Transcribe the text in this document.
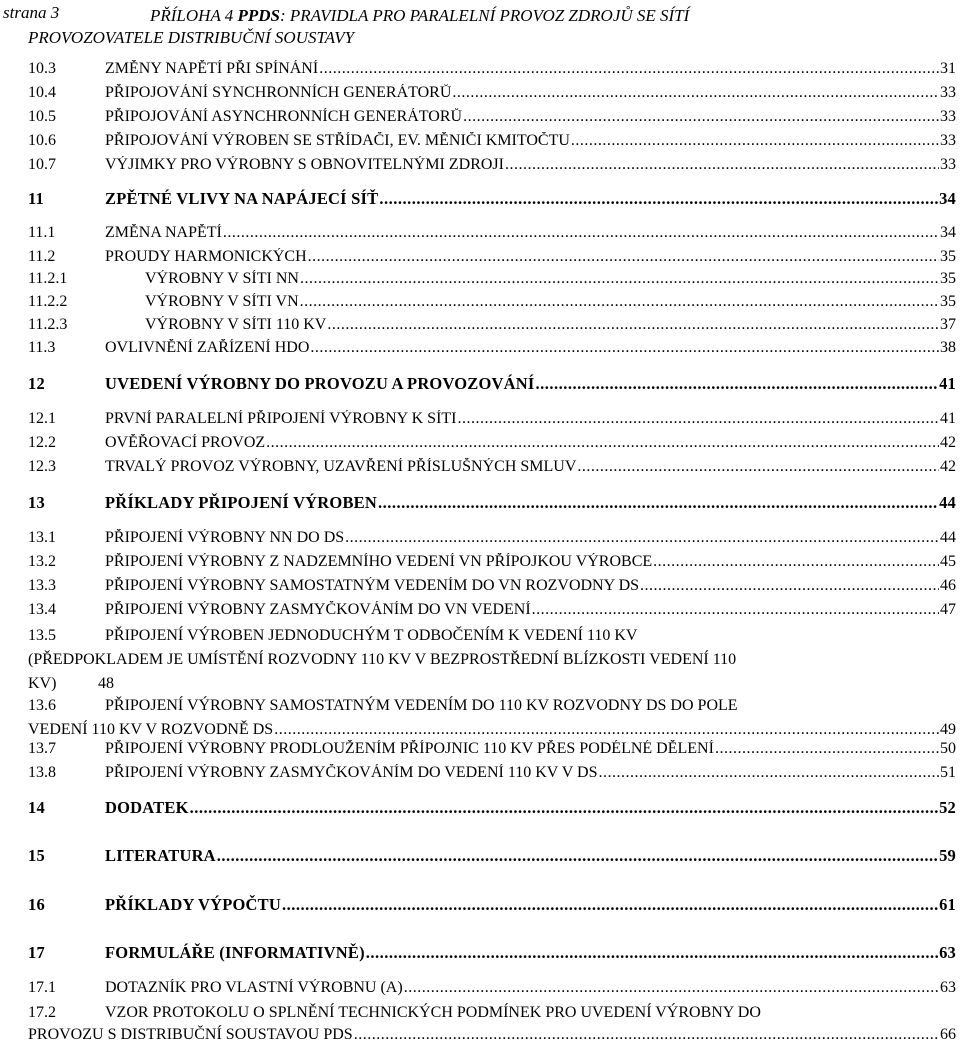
strana 3	PŘÍLOHA 4 PPDS: PRAVIDLA PRO PARALELNÍ PROVOZ ZDROJŮ SE SÍTÍ
PROVOZOVATELE DISTRIBUČNÍ SOUSTAVY
10.3	ZMĚNY NAPĚTÍ PŘI SPÍNÁNÍ .....	31
10.4	PŘIPOJOVÁNÍ SYNCHRONNÍCH GENERÁTORŮ .....	33
10.5	PŘIPOJOVÁNÍ ASYNCHRONNÍCH GENERÁTORŮ .....	33
10.6	PŘIPOJOVÁNÍ VÝROBEN SE STŘÍDAČI, EV. MĚNIČI KMITOČTU .....	33
10.7	VÝJIMKY PRO VÝROBNY S OBNOVITELNÝMI ZDROJI .....	33
11	ZPĚTNÉ VLIVY NA NAPÁJECÍ SÍŤ .....	34
11.1	ZMĚNA NAPĚTÍ .....	34
11.2	PROUDY HARMONICKÝCH .....	35
11.2.1	VÝROBNY V SÍTI NN .....	35
11.2.2	VÝROBNY V SÍTI VN .....	35
11.2.3	VÝROBNY V SÍTI 110 KV .....	37
11.3	OVLIVNĚNÍ ZAŘÍZENÍ HDO .....	38
12	UVEDENÍ VÝROBNY DO PROVOZU A PROVOZOVÁNÍ .....	41
12.1	PRVNÍ PARALELNÍ PŘIPOJENÍ VÝROBNY K SÍTI .....	41
12.2	OVĚŘOVACÍ PROVOZ .....	42
12.3	TRVALÝ PROVOZ VÝROBNY, UZAVŘENÍ PŘÍSLUŠNÝCH SMLUV .....	42
13	PŘÍKLADY PŘIPOJENÍ VÝROBEN .....	44
13.1	PŘIPOJENÍ VÝROBNY NN DO DS .....	44
13.2	PŘIPOJENÍ VÝROBNY Z NADZEMNÍHO VEDENÍ VN PŘÍPOJKOU VÝROBCE .....	45
13.3	PŘIPOJENÍ VÝROBNY SAMOSTATNÝM VEDENÍM DO VN ROZVODNY DS .....	46
13.4	PŘIPOJENÍ VÝROBNY ZASMYČKOVÁNÍM DO VN VEDENÍ .....	47
13.5	PŘIPOJENÍ VÝROBEN JEDNODUCHÝM T ODBOČENÍM K VEDENÍ 110 KV
(PŘEDPOKLADEM JE UMÍSTĚNÍ ROZVODNY 110 KV V BEZPROSTŘEDNÍ BLÍZKOSTI VEDENÍ 110
KV)	48
13.6	PŘIPOJENÍ VÝROBNY SAMOSTATNÝM VEDENÍM DO 110 KV ROZVODNY DS DO POLE
VEDENÍ 110 KV V ROZVODNĚ DS .....	49
13.7	PŘIPOJENÍ VÝROBNY PRODLOUŽENÍM PŘÍPOJNIC 110 KV PŘES PODÉLNÉ DĚLENÍ .....	50
13.8	PŘIPOJENÍ VÝROBNY ZASMYČKOVÁNÍM DO VEDENÍ 110 KV V DS .....	51
14	DODATEK .....	52
15	LITERATURA .....	59
16	PŘÍKLADY VÝPOČTU .....	61
17	FORMULÁŘE (INFORMATIVNĚ) .....	63
17.1	DOTAZNÍK PRO VLASTNÍ VÝROBNU (A) .....	63
17.2	VZOR PROTOKOLU O SPLNĚNÍ TECHNICKÝCH PODMÍNEK PRO UVEDENÍ VÝROBNY DO
PROVOZU S DISTRIBUČNÍ SOUSTAVOU PDS .....	66
